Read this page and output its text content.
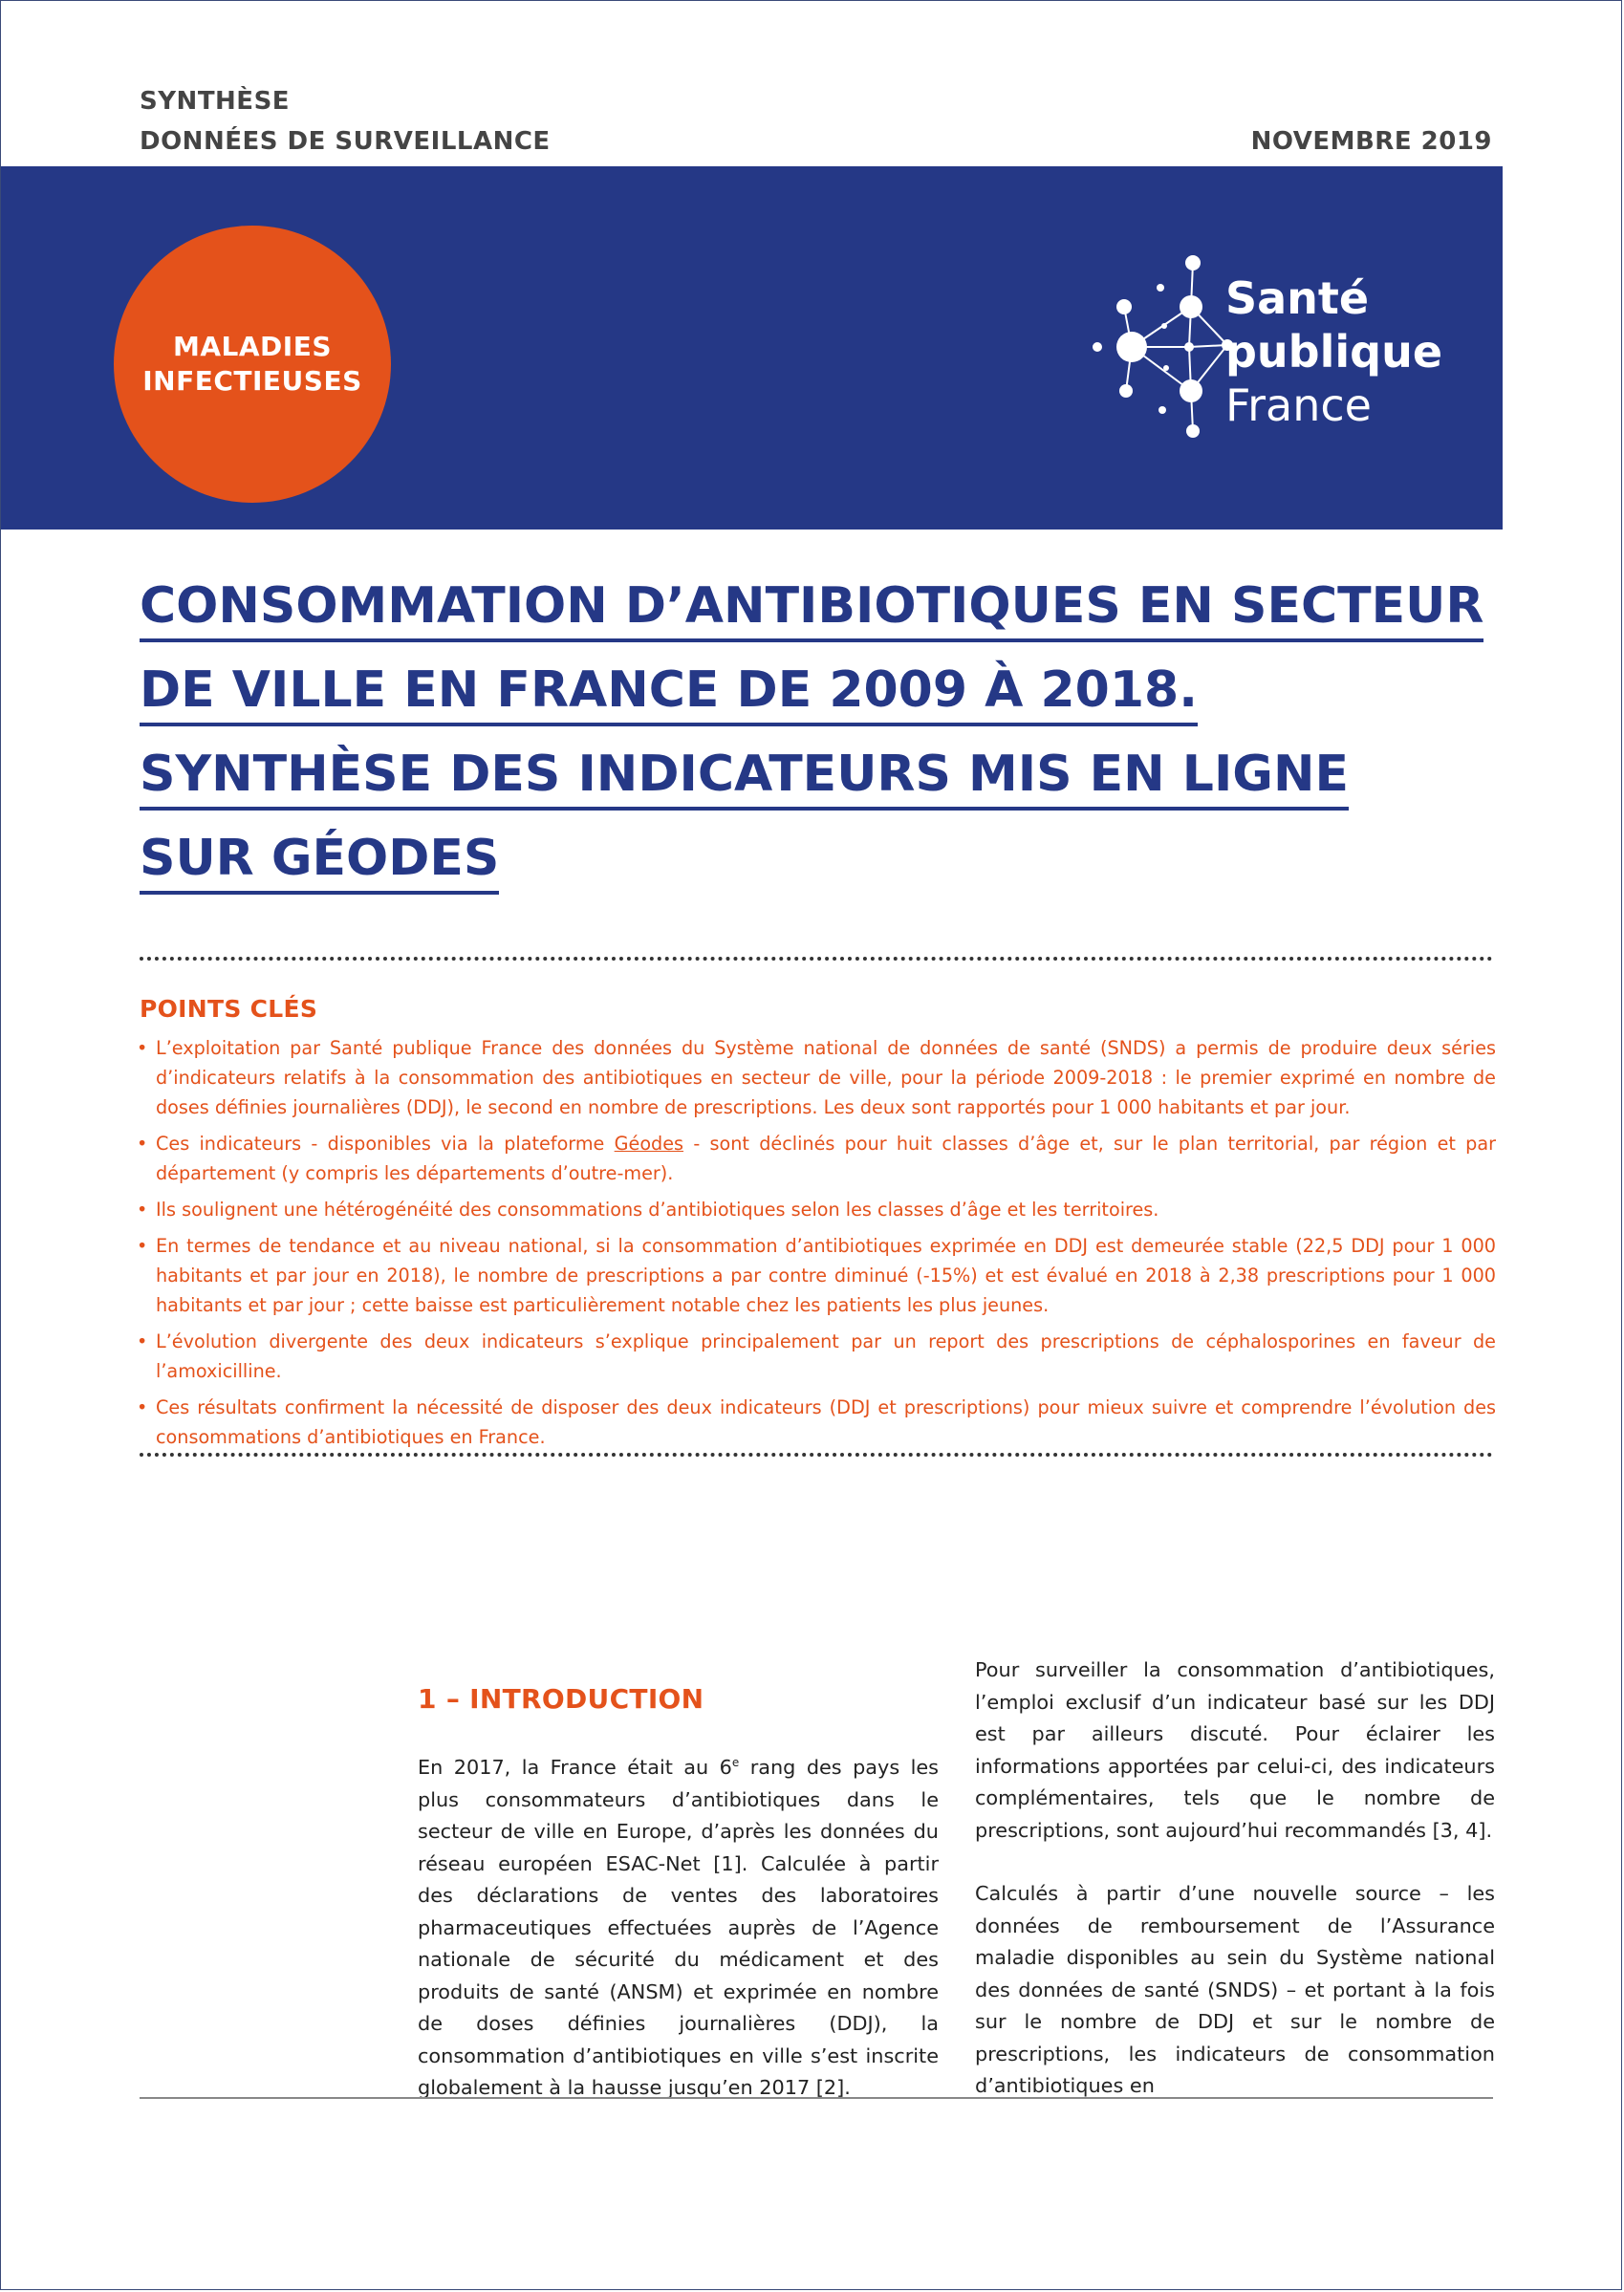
SYNTHÈSE
DONNÉES DE SURVEILLANCE	NOVEMBRE 2019
MALADIES
INFECTIEUSES
Santé
publique
France
CONSOMMATION D’ANTIBIOTIQUES EN SECTEUR
DE VILLE EN FRANCE DE 2009 À 2018.
SYNTHÈSE DES INDICATEURS MIS EN LIGNE
SUR GÉODES
POINTS CLÉS
• L’exploitation par Santé publique France des données du Système national de données de santé (SNDS) a permis de produire deux séries d’indicateurs relatifs à la consommation des antibiotiques en secteur de ville, pour la période 2009-2018 : le premier exprimé en nombre de doses définies journalières (DDJ), le second en nombre de prescriptions. Les deux sont rapportés pour 1 000 habitants et par jour.
• Ces indicateurs - disponibles via la plateforme Géodes - sont déclinés pour huit classes d’âge et, sur le plan territorial, par région et par département (y compris les départements d’outre-mer).
• Ils soulignent une hétérogénéité des consommations d’antibiotiques selon les classes d’âge et les territoires.
• En termes de tendance et au niveau national, si la consommation d’antibiotiques exprimée en DDJ est demeurée stable (22,5 DDJ pour 1 000 habitants et par jour en 2018), le nombre de prescriptions a par contre diminué (-15%) et est évalué en 2018 à 2,38 prescriptions pour 1 000 habitants et par jour ; cette baisse est particulièrement notable chez les patients les plus jeunes.
• L’évolution divergente des deux indicateurs s’explique principalement par un report des prescriptions de céphalosporines en faveur de l’amoxicilline.
• Ces résultats confirment la nécessité de disposer des deux indicateurs (DDJ et prescriptions) pour mieux suivre et comprendre l’évolution des consommations d’antibiotiques en France.
1 – INTRODUCTION

En 2017, la France était au 6e rang des pays les plus consommateurs d’antibiotiques dans le secteur de ville en Europe, d’après les données du réseau européen ESAC-Net [1]. Calculée à partir des déclarations de ventes des laboratoires pharmaceutiques effectuées auprès de l’Agence nationale de sécurité du médicament et des produits de santé (ANSM) et exprimée en nombre de doses définies journalières (DDJ), la consommation d’antibiotiques en ville s’est inscrite globalement à la hausse jusqu’en 2017 [2].

Pour surveiller la consommation d’antibiotiques, l’emploi exclusif d’un indicateur basé sur les DDJ est par ailleurs discuté. Pour éclairer les informations apportées par celui-ci, des indicateurs complémentaires, tels que le nombre de prescriptions, sont aujourd’hui recommandés [3, 4].

Calculés à partir d’une nouvelle source – les données de remboursement de l’Assurance maladie disponibles au sein du Système national des données de santé (SNDS) – et portant à la fois sur le nombre de DDJ et sur le nombre de prescriptions, les indicateurs de consommation d’antibiotiques en
